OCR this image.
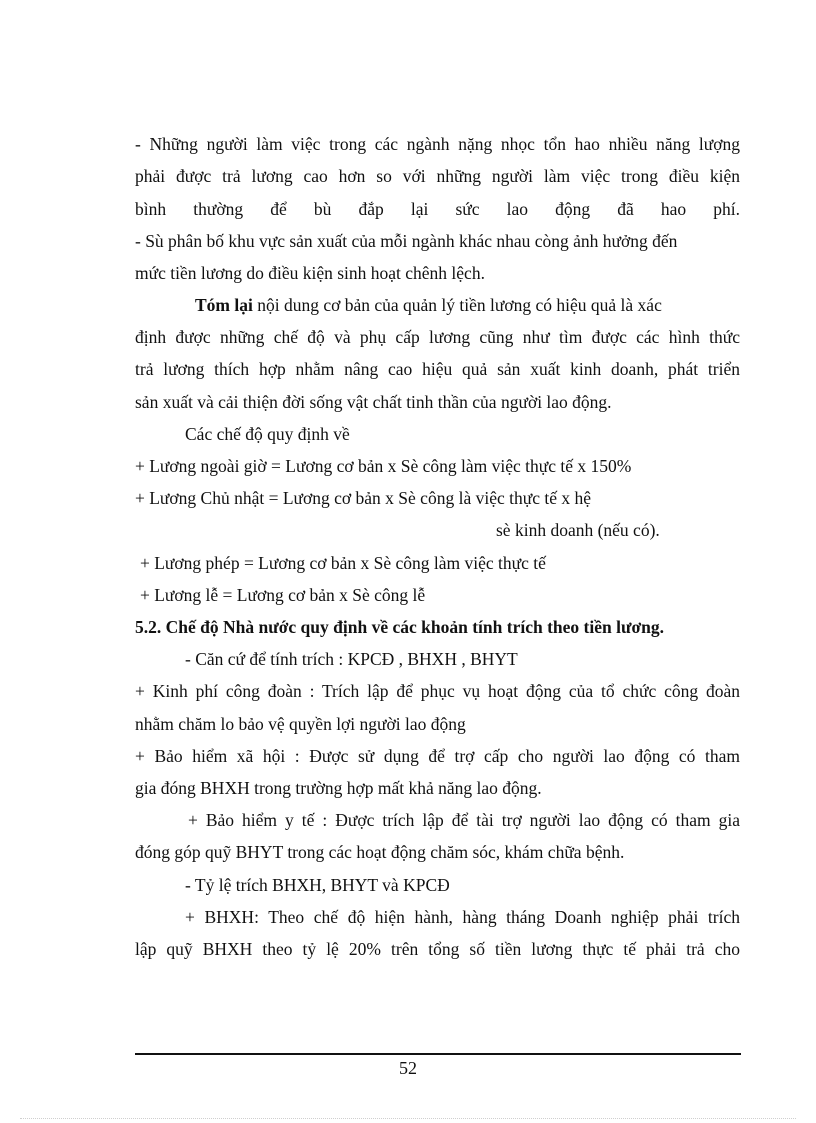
- Những người làm việc trong các ngành nặng nhọc tổn hao nhiều năng lượng
phải được trả lương cao hơn so với những người làm việc trong điều kiện
bình thường để bù đắp lại sức lao động đã hao phí.
- Sù phân bố khu vực sản xuất của mỗi ngành khác nhau còng ảnh hưởng đến
mức tiền lương do điều kiện sinh hoạt chênh lệch.
Tóm lại nội dung cơ bản của quản lý tiền lương có hiệu quả là xác
định được những chế độ và phụ cấp lương cũng như tìm được các hình thức
trả lương thích hợp nhằm nâng cao hiệu quả sản xuất kinh doanh, phát triển
sản xuất và cải thiện đời sống vật chất tinh thần của người lao động.
Các chế độ quy định về
+ Lương ngoài giờ = Lương cơ bản x Sè công làm việc thực tế x 150%
+ Lương Chủ nhật = Lương cơ bản x Sè công là việc thực tế x hệ
sè kinh doanh (nếu có).
+ Lương phép = Lương cơ bản x Sè công làm việc thực tế
+ Lương lễ = Lương cơ bản x Sè công lễ
5.2. Chế độ Nhà nước quy định về các khoản tính trích theo tiền lương.
- Căn cứ để tính trích : KPCĐ , BHXH , BHYT
+ Kinh phí công đoàn : Trích lập để phục vụ hoạt động của tổ chức công đoàn
nhằm chăm lo bảo vệ quyền lợi người lao động
+ Bảo hiểm xã hội : Được sử dụng để trợ cấp cho người lao động có tham
gia đóng BHXH trong trường hợp mất khả năng lao động.
+ Bảo hiểm y tế : Được trích lập để tài trợ người lao động có tham gia
đóng góp quỹ BHYT trong các hoạt động chăm sóc, khám chữa bệnh.
- Tỷ lệ trích BHXH, BHYT và KPCĐ
+ BHXH: Theo chế độ hiện hành, hàng tháng Doanh nghiệp phải trích
lập quỹ BHXH theo tỷ lệ 20% trên tổng số tiền lương thực tế phải trả cho
52
